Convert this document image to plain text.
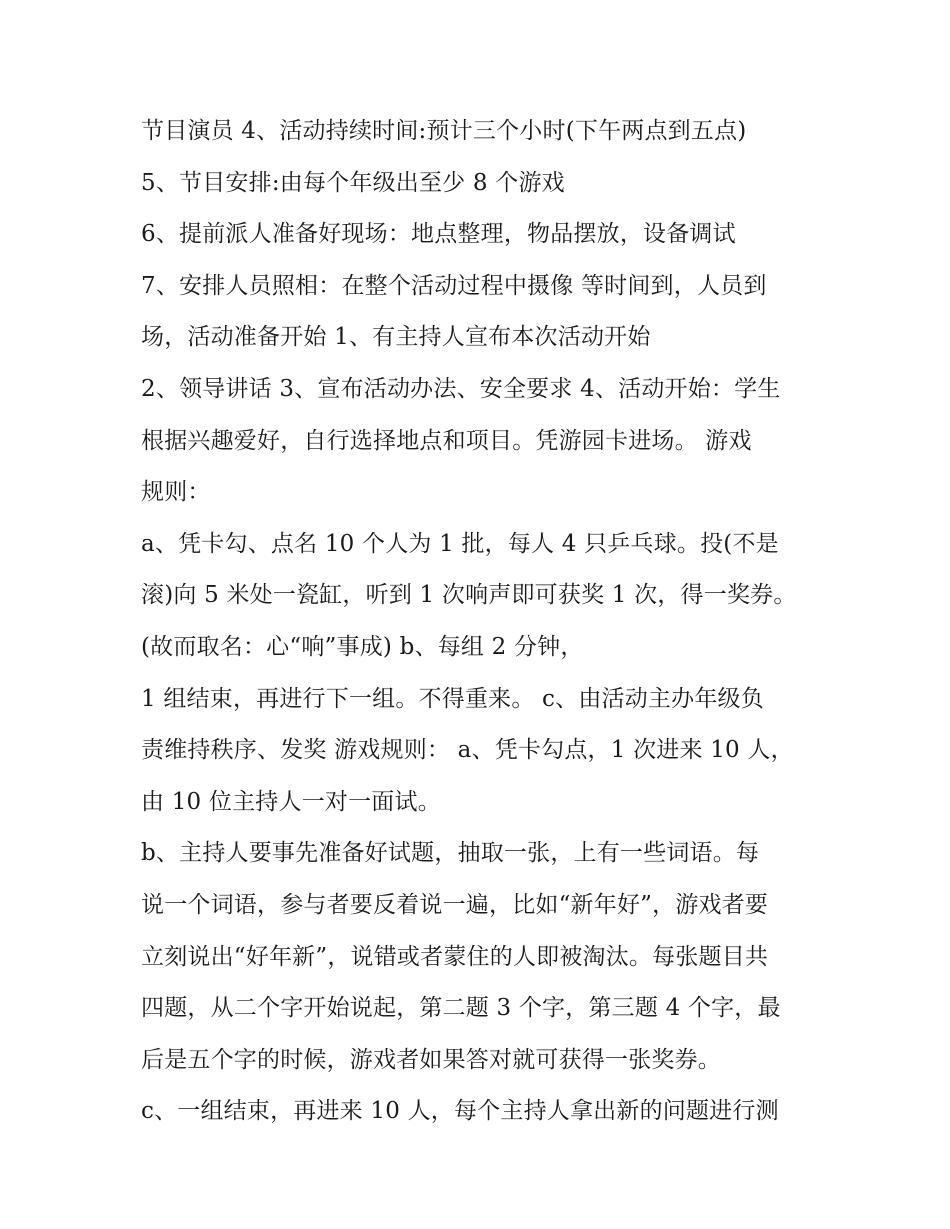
节目演员 4、活动持续时间:预计三个小时(下午两点到五点)
5、节目安排:由每个年级出至少 8 个游戏
6、提前派人准备好现场：地点整理，物品摆放，设备调试
7、安排人员照相：在整个活动过程中摄像 等时间到，人员到
场，活动准备开始 1、有主持人宣布本次活动开始
2、领导讲话 3、宣布活动办法、安全要求 4、活动开始：学生
根据兴趣爱好，自行选择地点和项目。凭游园卡进场。 游戏
规则：
a、凭卡勾、点名 10 个人为 1 批，每人 4 只乒乓球。投(不是
滚)向 5 米处一瓷缸，听到 1 次响声即可获奖 1 次，得一奖券。
(故而取名：心“响”事成) b、每组 2 分钟，
1 组结束，再进行下一组。不得重来。 c、由活动主办年级负
责维持秩序、发奖 游戏规则： a、凭卡勾点，1 次进来 10 人，
由 10 位主持人一对一面试。
b、主持人要事先准备好试题，抽取一张，上有一些词语。每
说一个词语，参与者要反着说一遍，比如“新年好”，游戏者要
立刻说出“好年新”，说错或者蒙住的人即被淘汰。每张题目共
四题，从二个字开始说起，第二题 3 个字，第三题 4 个字，最
后是五个字的时候，游戏者如果答对就可获得一张奖券。
c、一组结束，再进来 10 人，每个主持人拿出新的问题进行测
